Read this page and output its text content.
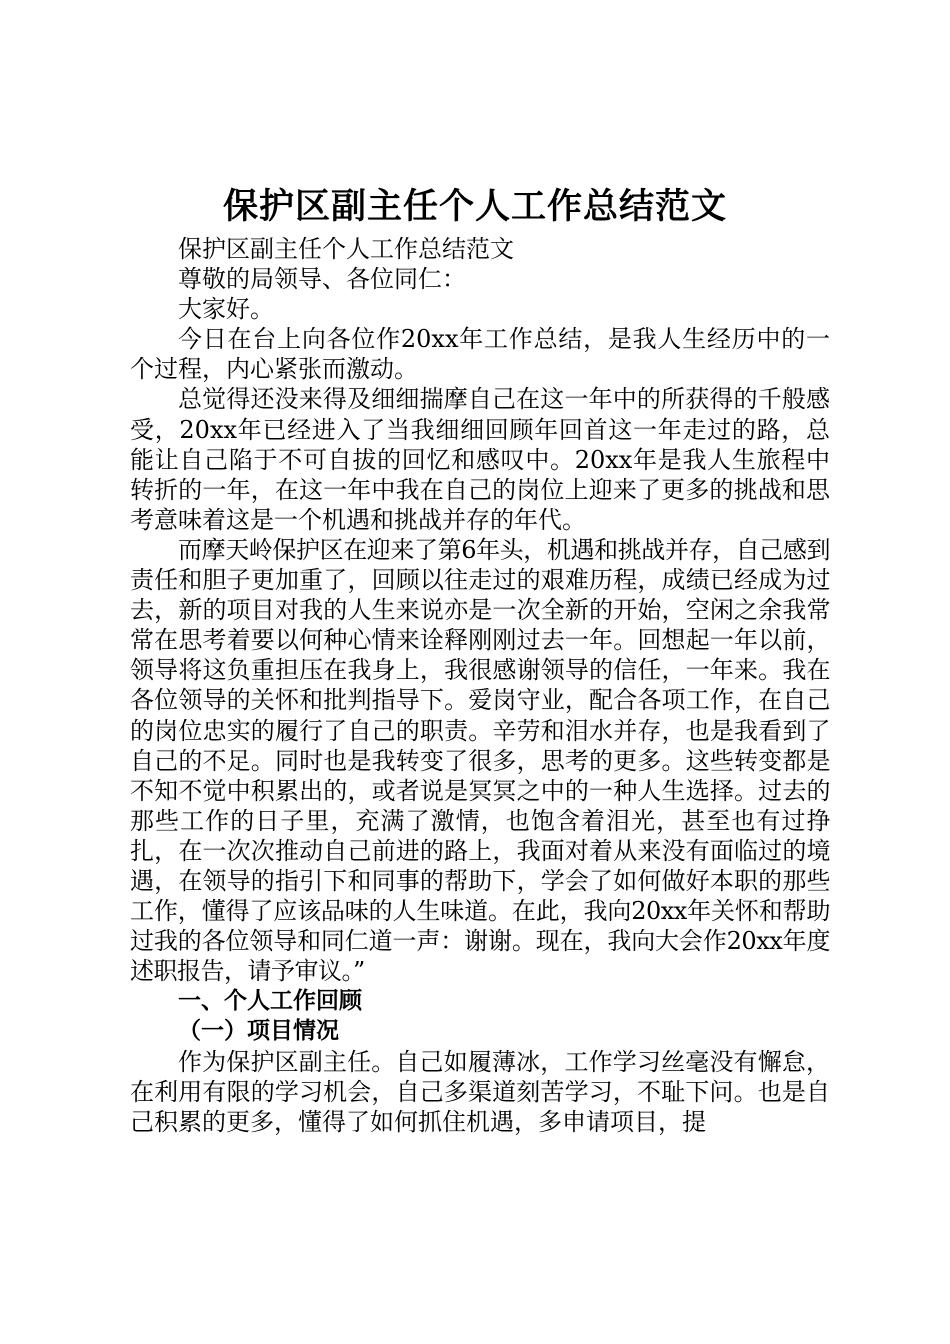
保护区副主任个人工作总结范文

保护区副主任个人工作总结范文

尊敬的局领导、各位同仁：

大家好。

今日在台上向各位作20xx年工作总结，是我人生经历中的一个过程，内心紧张而激动。

总觉得还没来得及细细揣摩自己在这一年中的所获得的千般感受，20xx年已经进入了当我细细回顾年回首这一年走过的路，总能让自己陷于不可自拔的回忆和感叹中。20xx年是我人生旅程中转折的一年，在这一年中我在自己的岗位上迎来了更多的挑战和思考意味着这是一个机遇和挑战并存的年代。

而摩天岭保护区在迎来了第6年头，机遇和挑战并存，自己感到责任和胆子更加重了，回顾以往走过的艰难历程，成绩已经成为过去，新的项目对我的人生来说亦是一次全新的开始，空闲之余我常常在思考着要以何种心情来诠释刚刚过去一年。回想起一年以前，领导将这负重担压在我身上，我很感谢领导的信任，一年来。我在各位领导的关怀和批判指导下。爱岗守业，配合各项工作，在自己的岗位忠实的履行了自己的职责。辛劳和泪水并存，也是我看到了自己的不足。同时也是我转变了很多，思考的更多。这些转变都是不知不觉中积累出的，或者说是冥冥之中的一种人生选择。过去的那些工作的日子里，充满了激情，也饱含着泪光，甚至也有过挣扎，在一次次推动自己前进的路上，我面对着从来没有面临过的境遇，在领导的指引下和同事的帮助下，学会了如何做好本职的那些工作，懂得了应该品味的人生味道。在此，我向20xx年关怀和帮助过我的各位领导和同仁道一声：谢谢。现在，我向大会作20xx年度述职报告，请予审议。”

一、个人工作回顾

（一）项目情况

作为保护区副主任。自己如履薄冰，工作学习丝毫没有懈怠，在利用有限的学习机会，自己多渠道刻苦学习，不耻下问。也是自己积累的更多，懂得了如何抓住机遇，多申请项目，提
